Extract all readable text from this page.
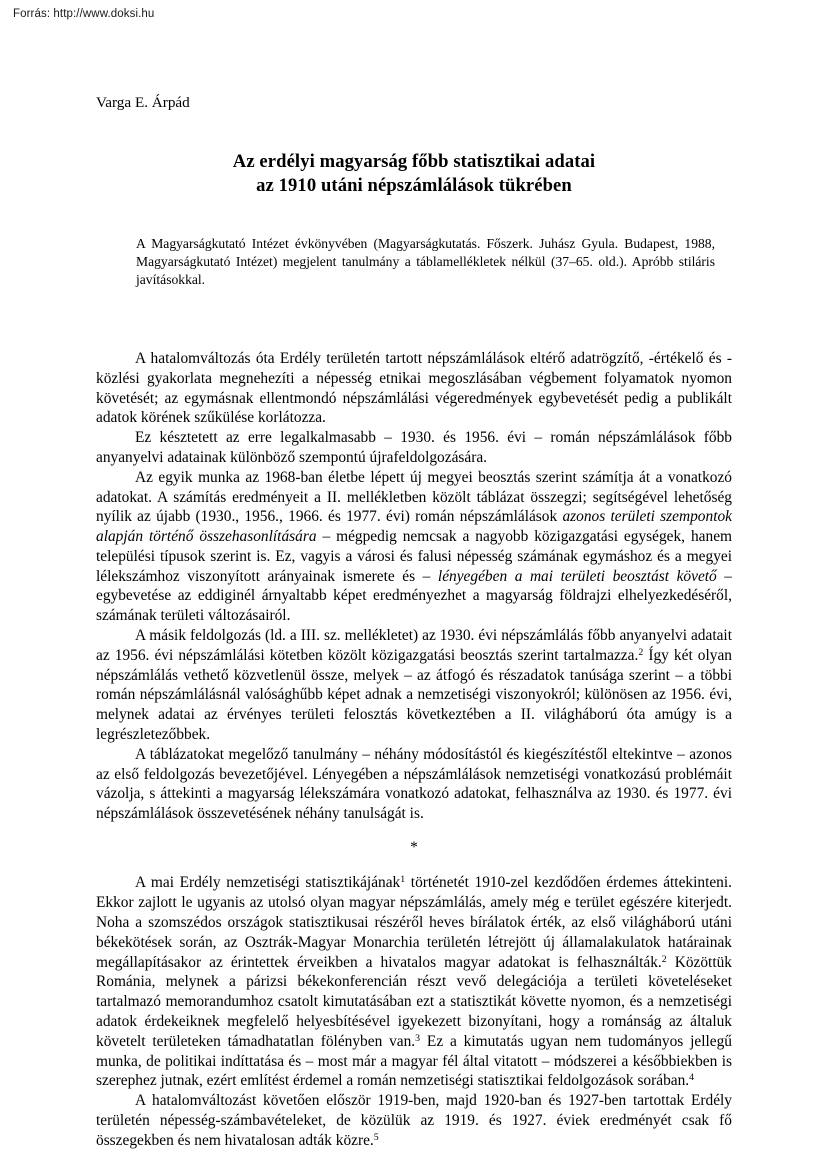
Forrás: http://www.doksi.hu
Varga E. Árpád
Az erdélyi magyarság főbb statisztikai adatai
az 1910 utáni népszámlálások tükrében
A Magyarságkutató Intézet évkönyvében (Magyarságkutatás. Főszerk. Juhász Gyula. Budapest, 1988, Magyarságkutató Intézet) megjelent tanulmány a táblamellékletek nélkül (37–65. old.). Apróbb stiláris javításokkal.

A hatalomváltozás óta Erdély területén tartott népszámlálások eltérő adatrögzítő, -értékelő és -közlési gyakorlata megnehezíti a népesség etnikai megoszlásában végbement folyamatok nyomon követését; az egymásnak ellentmondó népszámlálási végeredmények egybevetését pedig a publikált adatok körének szűkülése korlátozza.

Ez késztetett az erre legalkalmasabb – 1930. és 1956. évi – román népszámlálások főbb anyanyelvi adatainak különböző szempontú újrafeldolgozására.

Az egyik munka az 1968-ban életbe lépett új megyei beosztás szerint számítja át a vonatkozó adatokat. A számítás eredményeit a II. mellékletben közölt táblázat összegzi; segítségével lehetőség nyílik az újabb (1930., 1956., 1966. és 1977. évi) román népszámlálások azonos területi szempontok alapján történő összehasonlítására – mégpedig nemcsak a nagyobb közigazgatási egységek, hanem települési típusok szerint is. Ez, vagyis a városi és falusi népesség számának egymáshoz és a megyei lélekszámhoz viszonyított arányainak ismerete és – lényegében a mai területi beosztást követő – egybevetése az eddiginél árnyaltabb képet eredményezhet a magyarság földrajzi elhelyezkedéséről, számának területi változásairól.

A másik feldolgozás (ld. a III. sz. mellékletet) az 1930. évi népszámlálás főbb anyanyelvi adatait az 1956. évi népszámlálási kötetben közölt közigazgatási beosztás szerint tartalmazza.$^2$ Így két olyan népszámlálás vethető közvetlenül össze, melyek – az átfogó és részadatok tanúsága szerint – a többi román népszámlálásnál valósághűbb képet adnak a nemzetiségi viszonyokról; különösen az 1956. évi, melynek adatai az érvényes területi felosztás következtében a II. világháború óta amúgy is a legrészletezőbbek.

A táblázatokat megelőző tanulmány – néhány módosítástól és kiegészítéstől eltekintve – azonos az első feldolgozás bevezetőjével. Lényegében a népszámlálások nemzetiségi vonatkozású problémáit vázolja, s áttekinti a magyarság lélekszámára vonatkozó adatokat, felhasználva az 1930. és 1977. évi népszámlálások összevetésének néhány tanulságát is.

*

A mai Erdély nemzetiségi statisztikájának$^1$ történetét 1910-zel kezdődően érdemes áttekinteni. Ekkor zajlott le ugyanis az utolsó olyan magyar népszámlálás, amely még e terület egészére kiterjedt. Noha a szomszédos országok statisztikusai részéről heves bírálatok érték, az első világháború utáni békekötések során, az Osztrák-Magyar Monarchia területén létrejött új államalakulatok határainak megállapításakor az érintettek érveikben a hivatalos magyar adatokat is felhasználták.$^2$ Közöttük Románia, melynek a párizsi békekonferencián részt vevő delegációja a területi követeléseket tartalmazó memorandumhoz csatolt kimutatásában ezt a statisztikát követte nyomon, és a nemzetiségi adatok érdekeiknek megfelelő helyesbítésével igyekezett bizonyítani, hogy a románság az általuk követelt területeken támadhatatlan fölényben van.$^3$ Ez a kimutatás ugyan nem tudományos jellegű munka, de politikai indíttatása és – most már a magyar fél által vitatott – módszerei a későbbiekben is szerephez jutnak, ezért említést érdemel a román nemzetiségi statisztikai feldolgozások sorában.$^4$

A hatalomváltozást követően először 1919-ben, majd 1920-ban és 1927-ben tartottak Erdély területén népesség-számbavételeket, de közülük az 1919. és 1927. éviek eredményét csak fő összegekben és nem hivatalosan adták közre.$^5$
